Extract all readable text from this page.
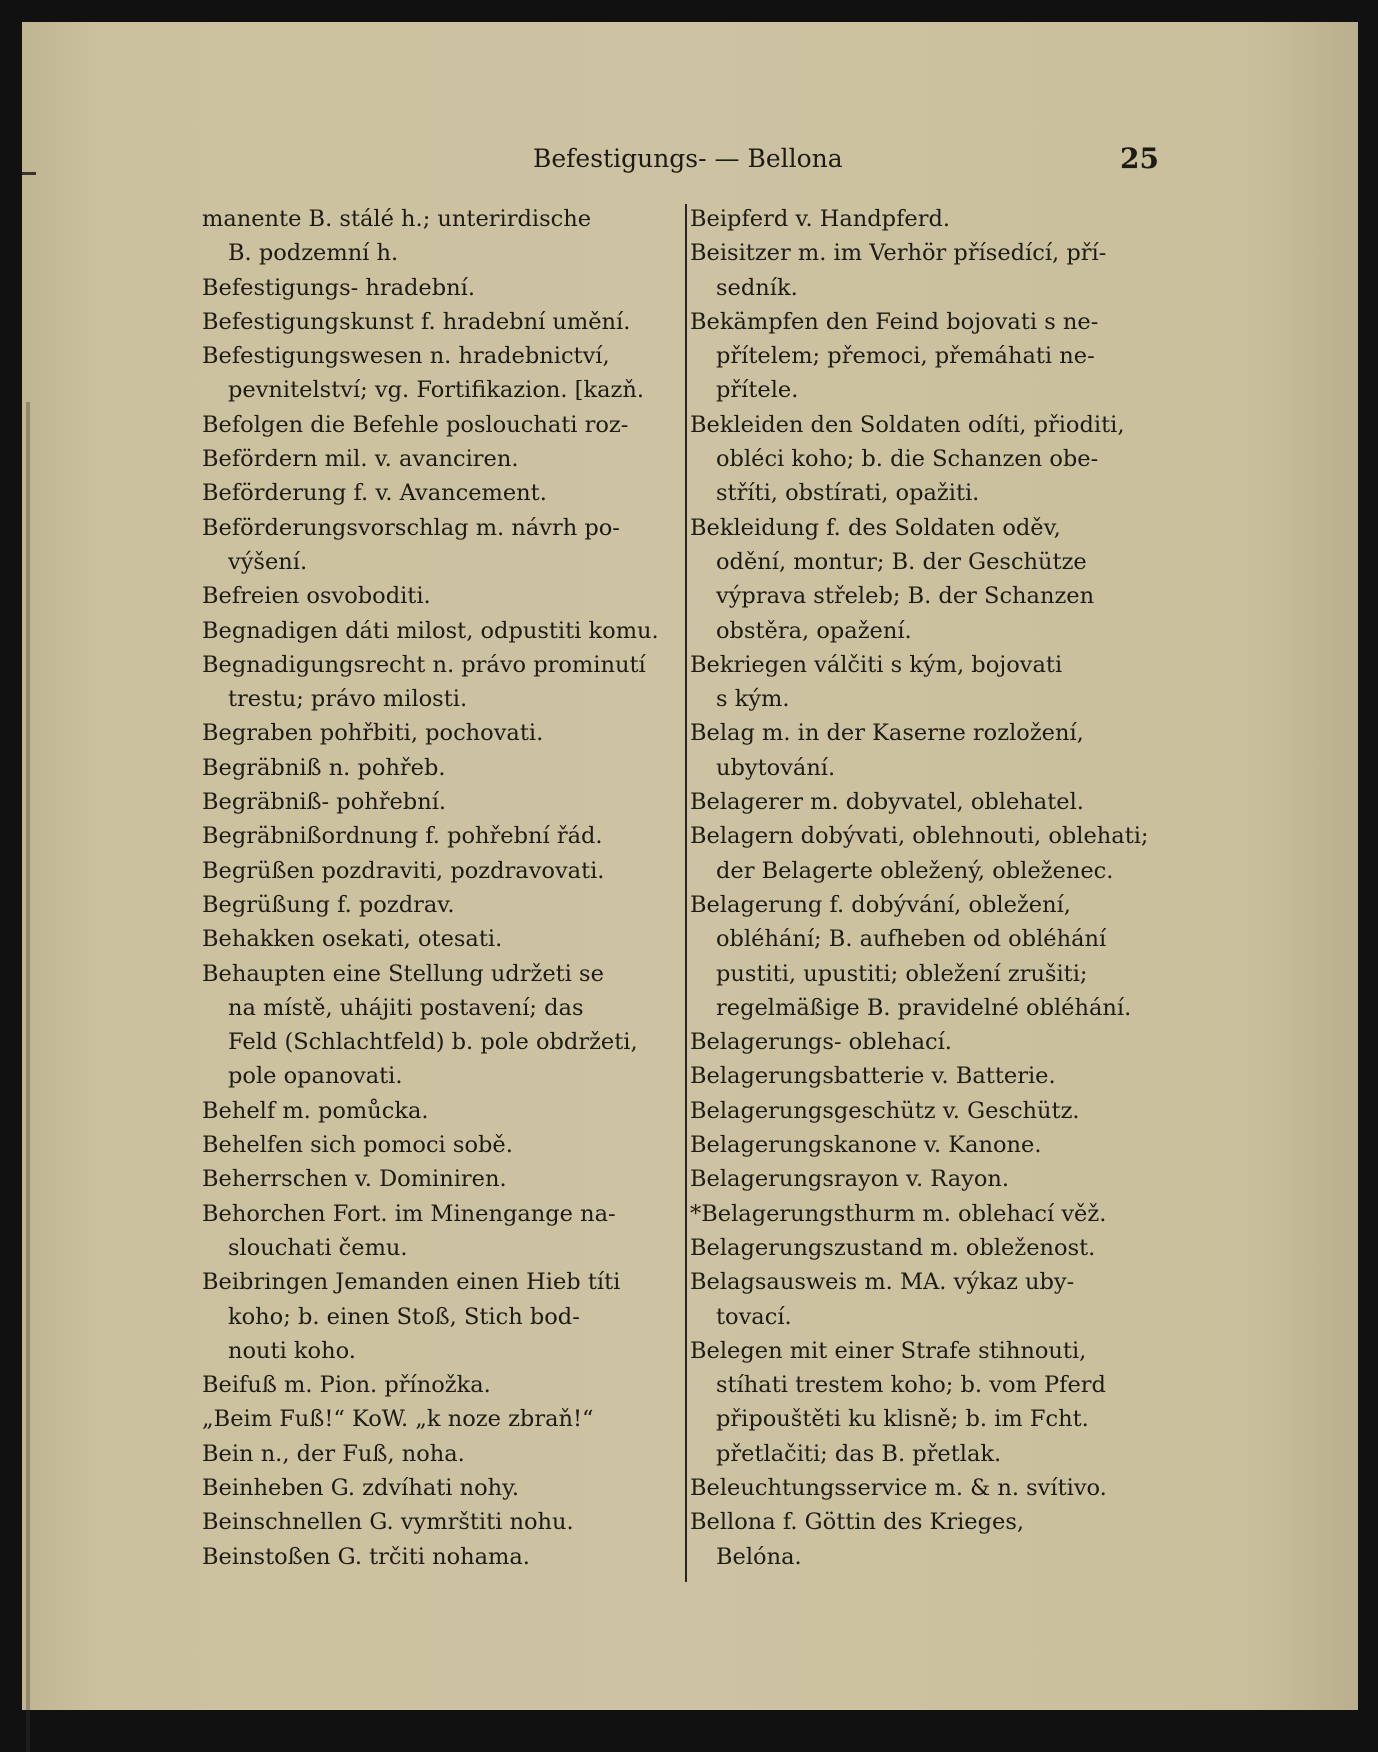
Befestigungs- — Bellona	25
manente B. stálé h.; unterirdische
B. podzemní h.
Befestigungs- hradební.
Befestigungskunst f. hradební umění.
Befestigungswesen n. hradebnictví,
pevnitelství; vg. Fortifikazion. [kazň.
Befolgen die Befehle poslouchati roz-
Befördern mil. v. avanciren.
Beförderung f. v. Avancement.
Beförderungsvorschlag m. návrh po-
výšení.
Befreien osvoboditi.
Begnadigen dáti milost, odpustiti komu.
Begnadigungsrecht n. právo prominutí
trestu; právo milosti.
Begraben pohřbiti, pochovati.
Begräbniß n. pohřeb.
Begräbniß- pohřební.
Begräbnißordnung f. pohřební řád.
Begrüßen pozdraviti, pozdravovati.
Begrüßung f. pozdrav.
Behakken osekati, otesati.
Behaupten eine Stellung udržeti se
na místě, uhájiti postavení; das
Feld (Schlachtfeld) b. pole obdržeti,
pole opanovati.
Behelf m. pomůcka.
Behelfen sich pomoci sobě.
Beherrschen v. Dominiren.
Behorchen Fort. im Minengange na-
slouchati čemu.
Beibringen Jemanden einen Hieb títi
koho; b. einen Stoß, Stich bod-
nouti koho.
Beifuß m. Pion. přínožka.
„Beim Fuß!“ KoW. „k noze zbraň!“
Bein n., der Fuß, noha.
Beinheben G. zdvíhati nohy.
Beinschnellen G. vymrštiti nohu.
Beinstoßen G. trčiti nohama.
Beipferd v. Handpferd.
Beisitzer m. im Verhör přísedící, pří-
sedník.
Bekämpfen den Feind bojovati s ne-
přítelem; přemoci, přemáhati ne-
přítele.
Bekleiden den Soldaten odíti, přioditi,
obléci koho; b. die Schanzen obe-
stříti, obstírati, opažiti.
Bekleidung f. des Soldaten oděv,
odění, montur; B. der Geschütze
výprava střeleb; B. der Schanzen
obstěra, opažení.
Bekriegen válčiti s kým, bojovati
s kým.
Belag m. in der Kaserne rozložení,
ubytování.
Belagerer m. dobyvatel, oblehatel.
Belagern dobývati, oblehnouti, oblehati;
der Belagerte obležený, obleženec.
Belagerung f. dobývání, obležení,
obléhání; B. aufheben od obléhání
pustiti, upustiti; obležení zrušiti;
regelmäßige B. pravidelné obléhání.
Belagerungs- oblehací.
Belagerungsbatterie v. Batterie.
Belagerungsgeschütz v. Geschütz.
Belagerungskanone v. Kanone.
Belagerungsrayon v. Rayon.
*Belagerungsthurm m. oblehací věž.
Belagerungszustand m. obleženost.
Belagsausweis m. MA. výkaz uby-
tovací.
Belegen mit einer Strafe stihnouti,
stíhati trestem koho; b. vom Pferd
připouštěti ku klisně; b. im Fcht.
přetlačiti; das B. přetlak.
Beleuchtungsservice m. & n. svítivo.
Bellona f. Göttin des Krieges,
Belóna.
